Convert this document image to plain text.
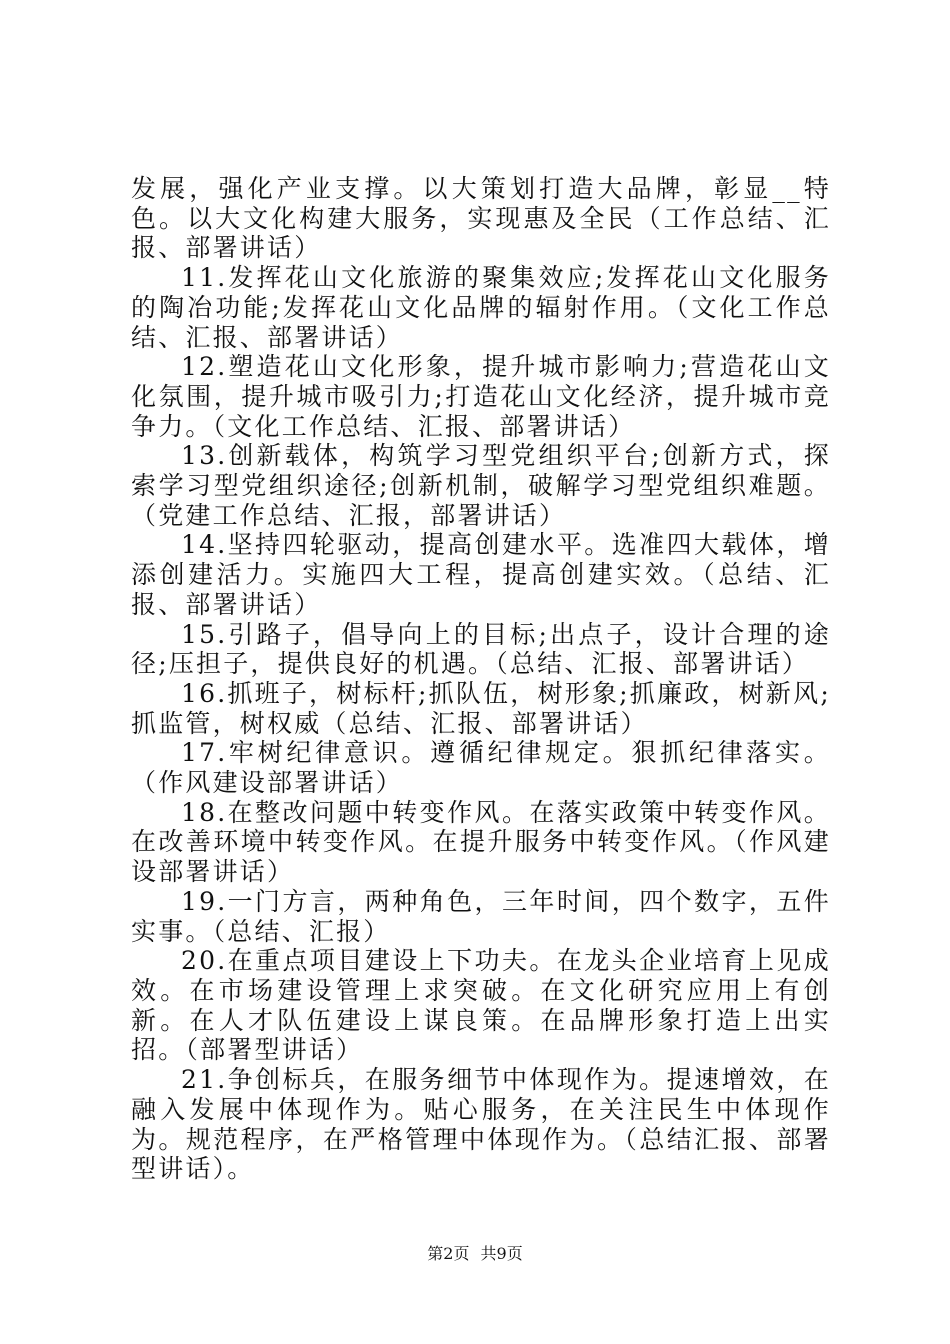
发展，强化产业支撑。以大策划打造大品牌，彰显__特色。以大文化构建大服务，实现惠及全民（工作总结、汇报、部署讲话）

11.发挥花山文化旅游的聚集效应;发挥花山文化服务的陶冶功能;发挥花山文化品牌的辐射作用。（文化工作总结、汇报、部署讲话）

12.塑造花山文化形象，提升城市影响力;营造花山文化氛围，提升城市吸引力;打造花山文化经济，提升城市竞争力。（文化工作总结、汇报、部署讲话）

13.创新载体，构筑学习型党组织平台;创新方式，探索学习型党组织途径;创新机制，破解学习型党组织难题。（党建工作总结、汇报，部署讲话）

14.坚持四轮驱动，提高创建水平。选准四大载体，增添创建活力。实施四大工程，提高创建实效。（总结、汇报、部署讲话）

15.引路子，倡导向上的目标;出点子，设计合理的途径;压担子，提供良好的机遇。（总结、汇报、部署讲话）

16.抓班子，树标杆;抓队伍，树形象;抓廉政，树新风;抓监管，树权威（总结、汇报、部署讲话）

17.牢树纪律意识。遵循纪律规定。狠抓纪律落实。（作风建设部署讲话）

18.在整改问题中转变作风。在落实政策中转变作风。在改善环境中转变作风。在提升服务中转变作风。（作风建设部署讲话）

19.一门方言，两种角色，三年时间，四个数字，五件实事。（总结、汇报）

20.在重点项目建设上下功夫。在龙头企业培育上见成效。在市场建设管理上求突破。在文化研究应用上有创新。在人才队伍建设上谋良策。在品牌形象打造上出实招。（部署型讲话）

21.争创标兵，在服务细节中体现作为。提速增效，在融入发展中体现作为。贴心服务，在关注民生中体现作为。规范程序，在严格管理中体现作为。（总结汇报、部署型讲话）。

第2页 共9页
